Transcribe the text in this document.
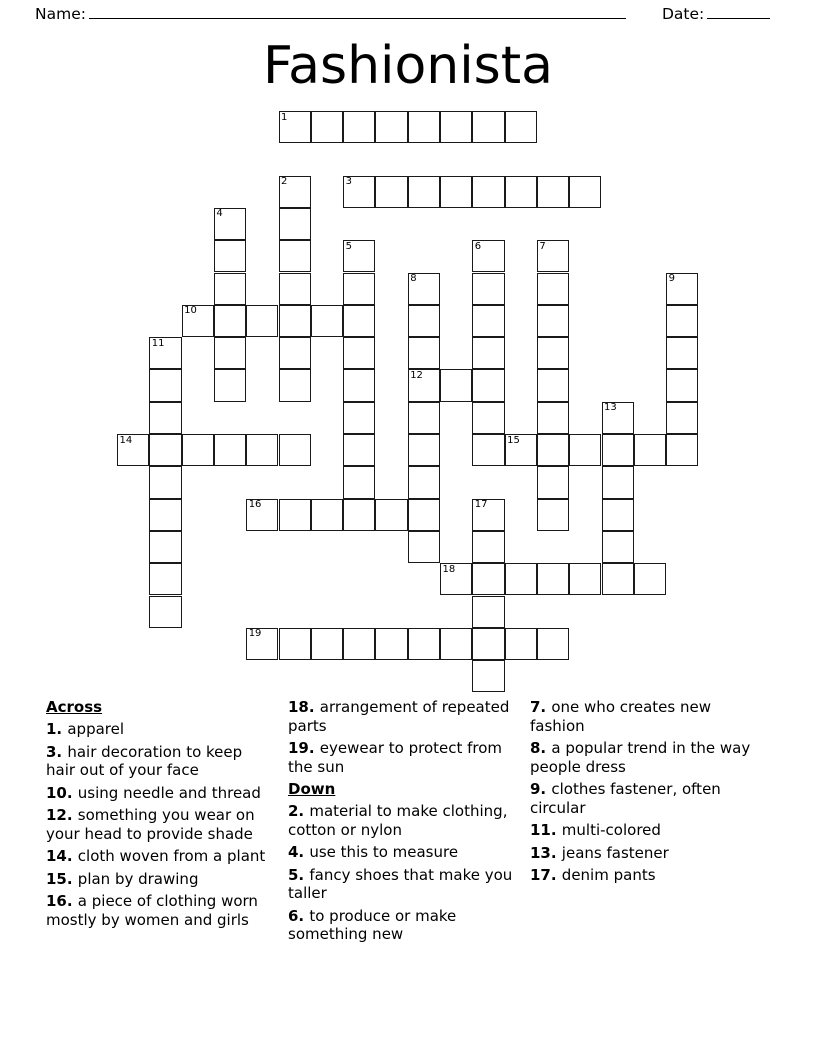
Name:	Date:
Fashionista
1
2	3
4
5	6	7
8
12
9
10
11
13
14	15
16	17
18
19
Across
1. apparel
3. hair decoration to keep hair out of your face
10. using needle and thread
12. something you wear on your head to provide shade
14. cloth woven from a plant
15. plan by drawing
16. a piece of clothing worn mostly by women and girls
18. arrangement of repeated parts
19. eyewear to protect from the sun
Down
2. material to make clothing, cotton or nylon
4. use this to measure
5. fancy shoes that make you taller
6. to produce or make something new
7. one who creates new fashion
8. a popular trend in the way people dress
9. clothes fastener, often circular
11. multi-colored
13. jeans fastener
17. denim pants
